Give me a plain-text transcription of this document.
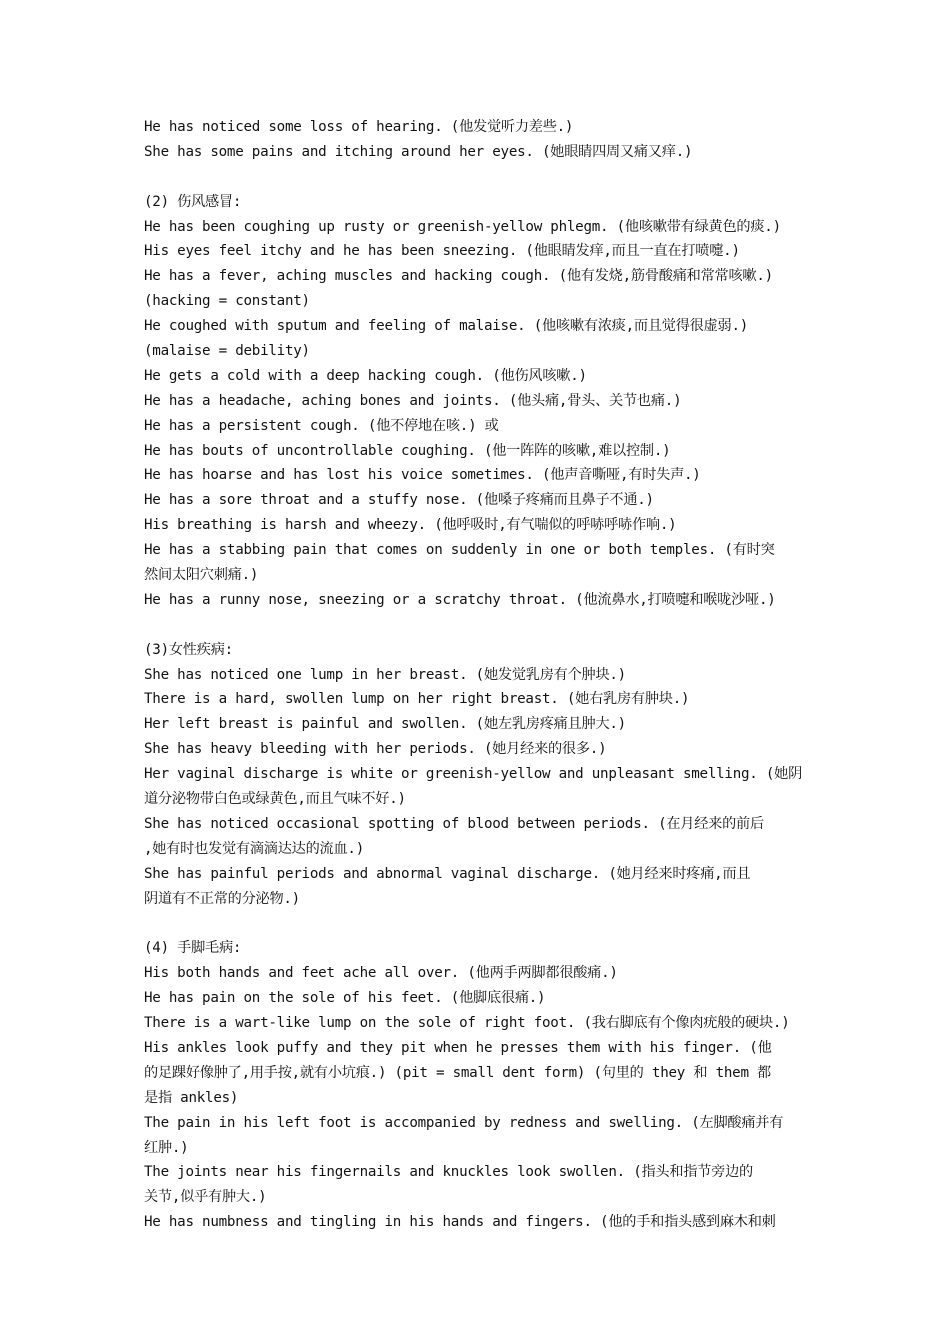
He has noticed some loss of hearing. (他发觉听力差些.)
She has some pains and itching around her eyes. (她眼睛四周又痛又痒.)
(2) 伤风感冒:
He has been coughing up rusty or greenish-yellow phlegm. (他咳嗽带有绿黄色的痰.)
His eyes feel itchy and he has been sneezing. (他眼睛发痒,而且一直在打喷嚏.)
He has a fever, aching muscles and hacking cough. (他有发烧,筋骨酸痛和常常咳嗽.)
(hacking = constant)
He coughed with sputum and feeling of malaise. (他咳嗽有浓痰,而且觉得很虚弱.)
(malaise = debility)
He gets a cold with a deep hacking cough. (他伤风咳嗽.)
He has a headache, aching bones and joints. (他头痛,骨头、关节也痛.)
He has a persistent cough. (他不停地在咳.) 或
He has bouts of uncontrollable coughing. (他一阵阵的咳嗽,难以控制.)
He has hoarse and has lost his voice sometimes. (他声音嘶哑,有时失声.)
He has a sore throat and a stuffy nose. (他嗓子疼痛而且鼻子不通.)
His breathing is harsh and wheezy. (他呼吸时,有气喘似的呼哧呼哧作响.)
He has a stabbing pain that comes on suddenly in one or both temples. (有时突
然间太阳穴刺痛.)
He has a runny nose, sneezing or a scratchy throat. (他流鼻水,打喷嚏和喉咙沙哑.)
(3)女性疾病:
She has noticed one lump in her breast. (她发觉乳房有个肿块.)
There is a hard, swollen lump on her right breast. (她右乳房有肿块.)
Her left breast is painful and swollen. (她左乳房疼痛且肿大.)
She has heavy bleeding with her periods. (她月经来的很多.)
Her vaginal discharge is white or greenish-yellow and unpleasant smelling. (她阴
道分泌物带白色或绿黄色,而且气味不好.)
She has noticed occasional spotting of blood between periods. (在月经来的前后
,她有时也发觉有滴滴达达的流血.)
She has painful periods and abnormal vaginal discharge. (她月经来时疼痛,而且
阴道有不正常的分泌物.)
(4) 手脚毛病:
His both hands and feet ache all over. (他两手两脚都很酸痛.)
He has pain on the sole of his feet. (他脚底很痛.)
There is a wart-like lump on the sole of right foot. (我右脚底有个像肉疣般的硬块.)
His ankles look puffy and they pit when he presses them with his finger. (他
的足踝好像肿了,用手按,就有小坑痕.) (pit = small dent form) (句里的 they 和 them 都
是指 ankles)
The pain in his left foot is accompanied by redness and swelling. (左脚酸痛并有
红肿.)
The joints near his fingernails and knuckles look swollen. (指头和指节旁边的
关节,似乎有肿大.)
He has numbness and tingling in his hands and fingers. (他的手和指头感到麻木和刺
